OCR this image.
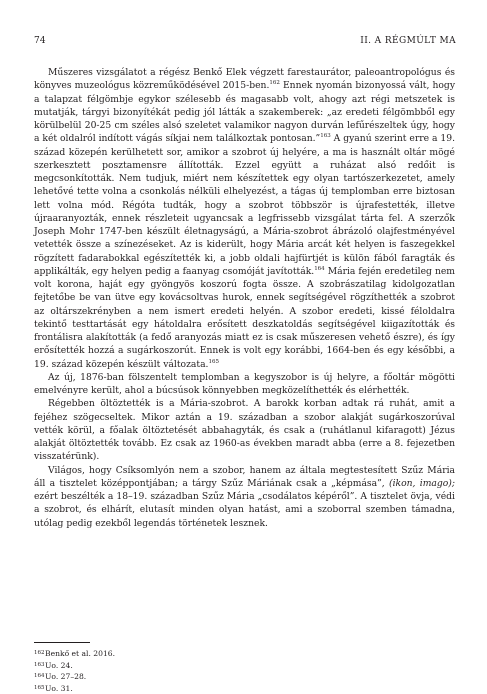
74	II. A RÉGMÚLT MA

Műszeres vizsgálatot a régész Benkő Elek végzett farestaurátor, paleoantropológus és könyves muzeológus közreműködésével 2015-ben.$^{162}$ Ennek nyomán bizonyossá vált, hogy a talapzat félgömbje egykor szélesebb és magasabb volt, ahogy azt régi metszetek is mutatják, tárgyi bizonyítékát pedig jól látták a szakemberek: „az eredeti félgömbből egy körülbelül 20-25 cm széles alsó szeletet valamikor nagyon durván lefűrészeltek úgy, hogy a két oldalról indított vágás síkjai nem találkoztak pontosan.”$^{163}$ A gyanú szerint erre a 19. század közepén kerülhetett sor, amikor a szobrot új helyére, a ma is használt oltár mögé szerkesztett posztamensre állították. Ezzel együtt a ruházat alsó redőit is megcsonkították. Nem tudjuk, miért nem készítettek egy olyan tartószerkezetet, amely lehetővé tette volna a csonkolás nélküli elhelyezést, a tágas új templomban erre biztosan lett volna mód. Régóta tudták, hogy a szobrot többször is újrafestették, illetve újraaranyozták, ennek részleteit ugyancsak a legfrissebb vizsgálat tárta fel. A szerzők Joseph Mohr 1747-ben készült életnagyságú, a Mária-szobrot ábrázoló olajfestményével vetették össze a színezéseket. Az is kiderült, hogy Mária arcát két helyen is faszegekkel rögzített fadarabokkal egészítették ki, a jobb oldali hajfürtjét is külön fából faragták és applikálták, egy helyen pedig a faanyag csomóját javították.$^{164}$ Mária fején eredetileg nem volt korona, haját egy gyöngyös koszorú fogta össze. A szobrászatilag kidolgozatlan fejtetőbe be van ütve egy kovácsoltvas hurok, ennek segítségével rögzíthették a szobrot az oltárszekrényben a nem ismert eredeti helyén. A szobor eredeti, kissé féloldalra tekintő testtartását egy hátoldalra erősített deszkatoldás segítségével kiigazították és frontálisra alakították (a fedő aranyozás miatt ez is csak műszeresen vehető észre), és így erősítették hozzá a sugárkoszorút. Ennek is volt egy korábbi, 1664-ben és egy későbbi, a 19. század közepén készült változata.$^{165}$

Az új, 1876-ban fölszentelt templomban a kegyszobor is új helyre, a főoltár mögötti emelvényre került, ahol a búcsúsok könnyebben megközelíthették és elérhették.

Régebben öltöztették is a Mária-szobrot. A barokk korban adtak rá ruhát, amit a fejéhez szögecseltek. Mikor aztán a 19. században a szobor alakját sugárkoszorúval vették körül, a főalak öltöztetését abbahagyták, és csak a (ruhátlanul kifaragott) Jézus alakját öltöztették tovább. Ez csak az 1960-as években maradt abba (erre a 8. fejezetben visszatérünk).

Világos, hogy Csíksomlyón nem a szobor, hanem az általa megtestesített Szűz Mária áll a tisztelet középpontjában; a tárgy Szűz Máriának csak a „képmása”, (ikon, imago); ezért beszélték a 18–19. században Szűz Mária „csodálatos képéről”. A tisztelet övja, védi a szobrot, és elhárít, elutasít minden olyan hatást, ami a szoborral szemben támadna, utólag pedig ezekből legendás történetek lesznek.

162Benkő et al. 2016.
163Uo. 24.
164Uo. 27–28.
165Uo. 31.
